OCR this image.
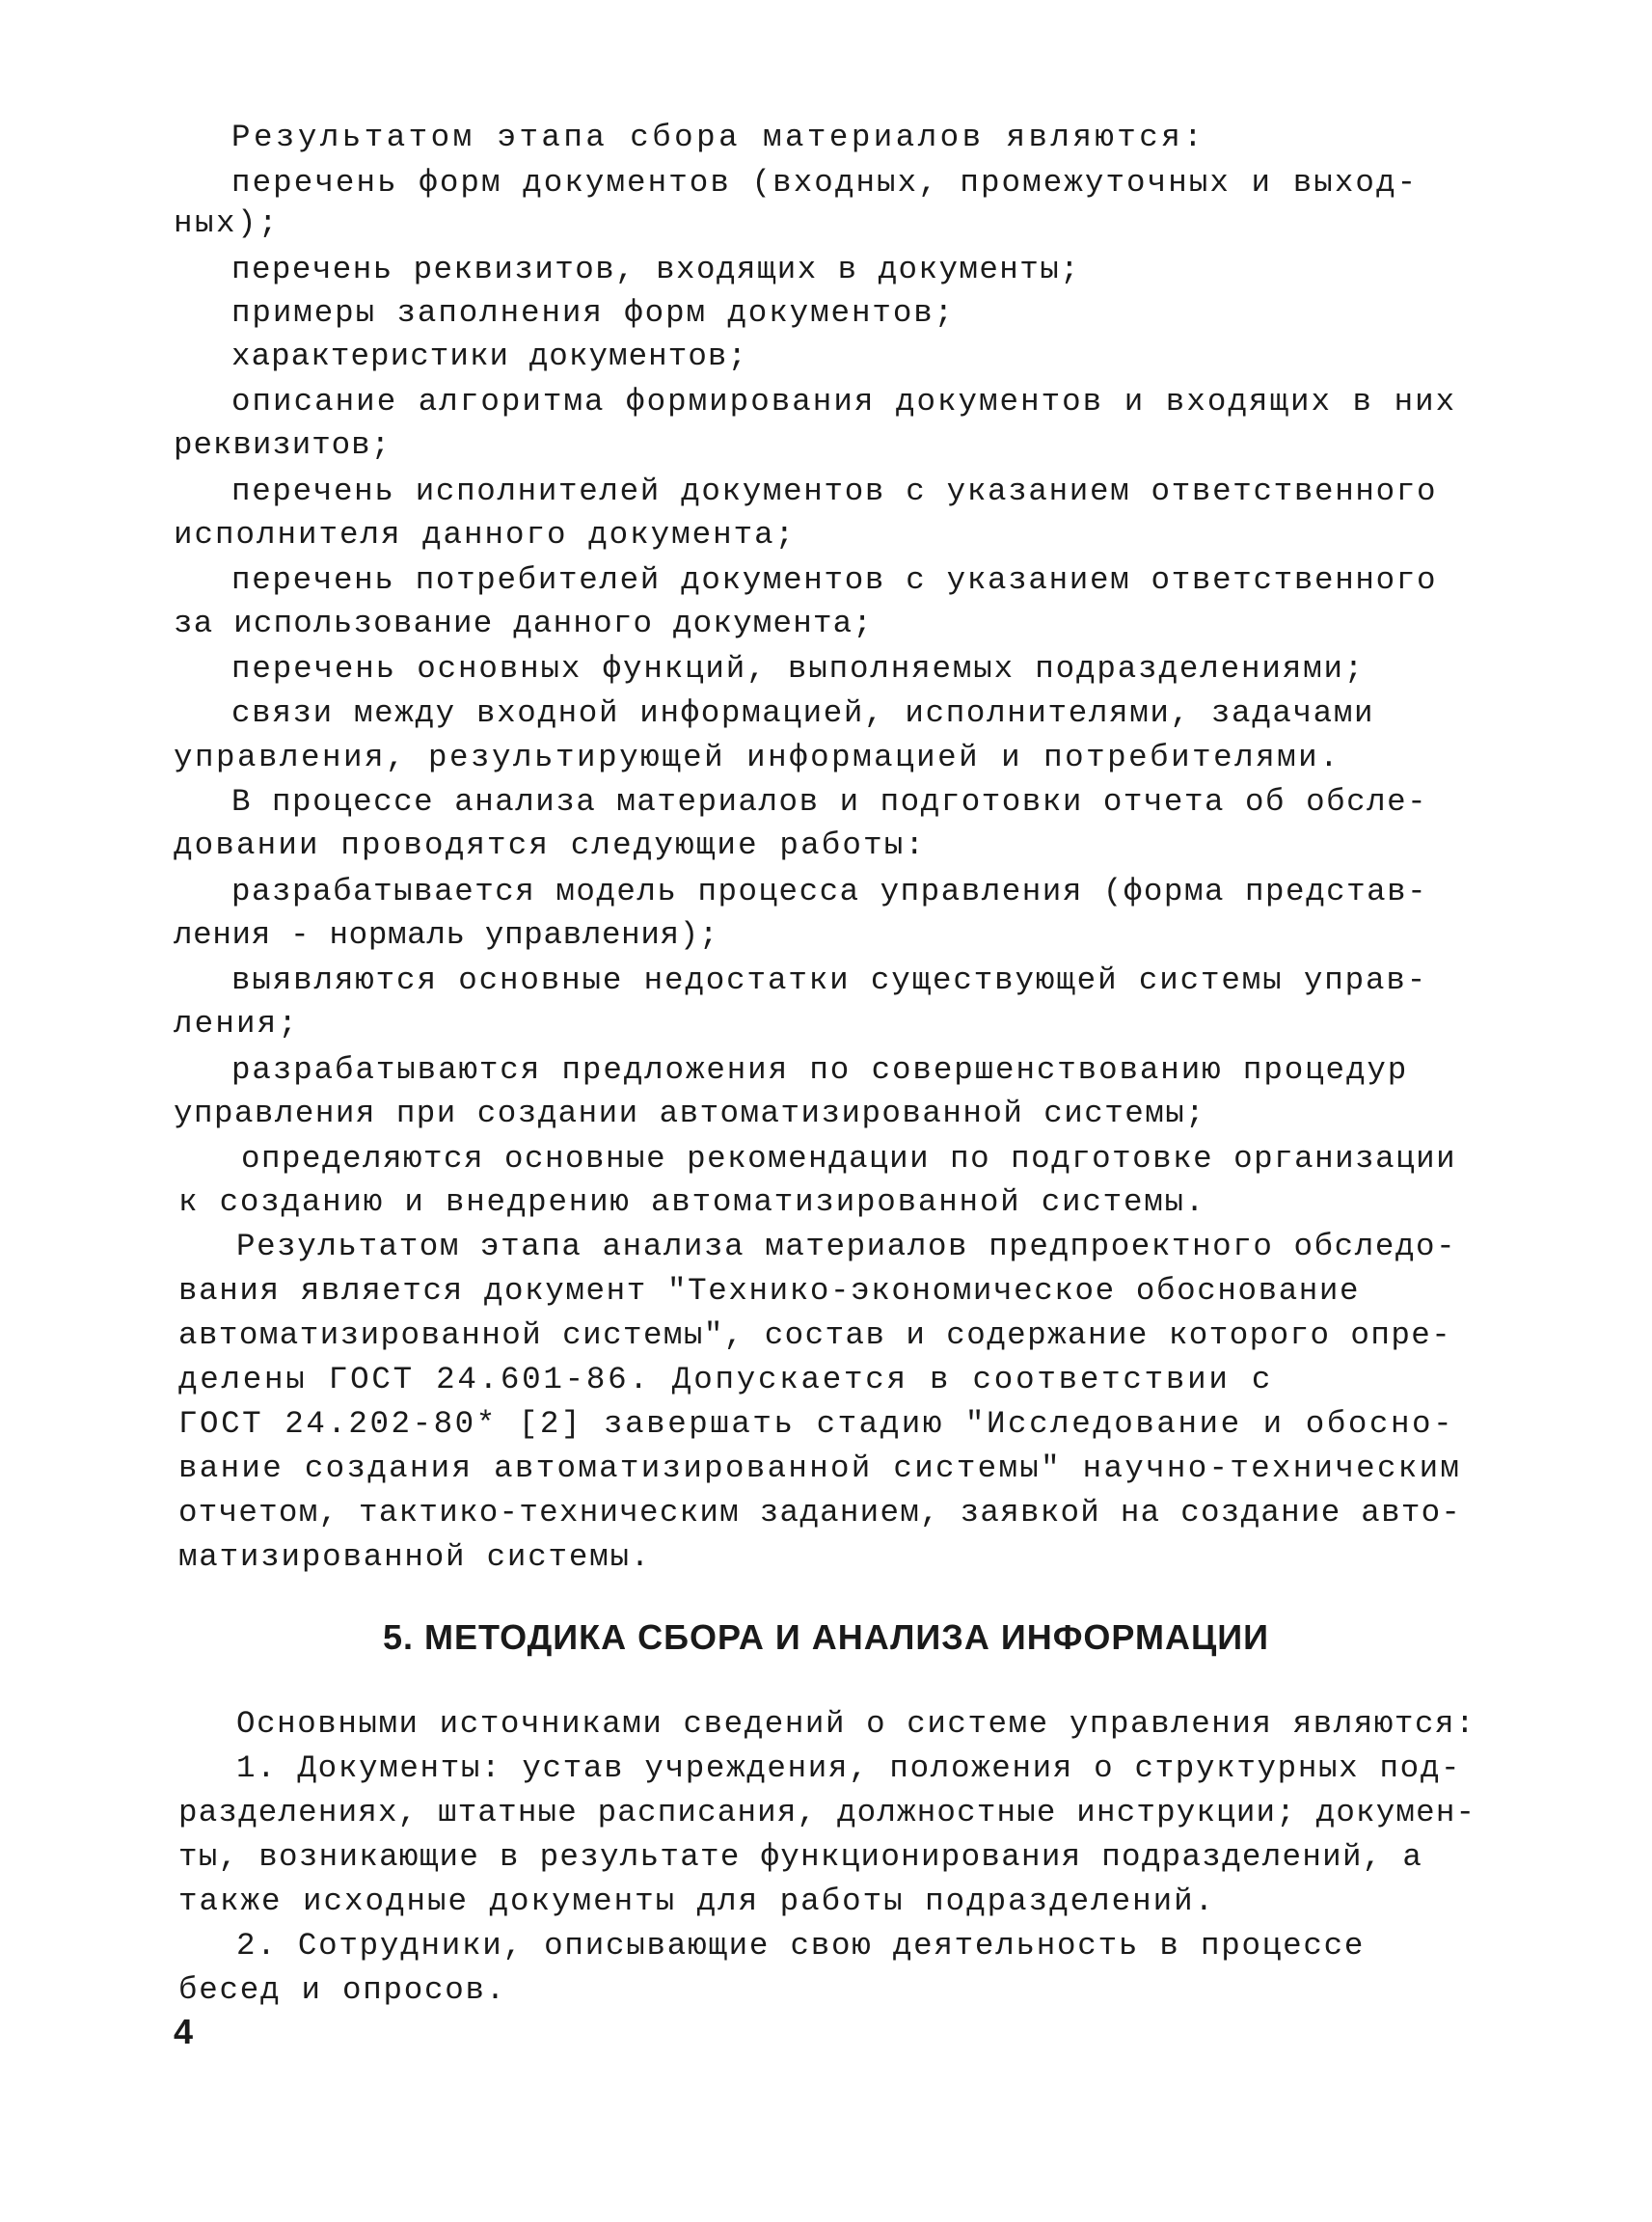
Результатом этапа сбора материалов являются:
перечень форм документов (входных, промежуточных и выход-
ных);
перечень реквизитов, входящих в документы;
примеры заполнения форм документов;
характеристики документов;
описание алгоритма формирования документов и входящих в них
реквизитов;
перечень исполнителей документов с указанием ответственного
исполнителя данного документа;
перечень потребителей документов с указанием ответственного
за использование данного документа;
перечень основных функций, выполняемых подразделениями;
связи между входной информацией, исполнителями, задачами
управления, результирующей информацией и потребителями.
В процессе анализа материалов и подготовки отчета об обсле-
довании проводятся следующие работы:
разрабатывается модель процесса управления (форма представ-
ления - нормаль управления);
выявляются основные недостатки существующей системы управ-
ления;
разрабатываются предложения по совершенствованию процедур
управления при создании автоматизированной системы;
определяются основные рекомендации по подготовке организации
к созданию и внедрению автоматизированной системы.
Результатом этапа анализа материалов предпроектного обследо-
вания является документ "Технико-экономическое обоснование
автоматизированной системы", состав и содержание которого опре-
делены ГОСТ 24.601-86. Допускается в соответствии с
ГОСТ 24.202-80* [2] завершать стадию "Исследование и обосно-
вание создания автоматизированной системы" научно-техническим
отчетом, тактико-техническим заданием, заявкой на создание авто-
матизированной системы.
5. МЕТОДИКА СБОРА И АНАЛИЗА ИНФОРМАЦИИ
Основными источниками сведений о системе управления являются:
1. Документы: устав учреждения, положения о структурных под-
разделениях, штатные расписания, должностные инструкции; докумен-
ты, возникающие в результате функционирования подразделений, а
также исходные документы для работы подразделений.
2. Сотрудники, описывающие свою деятельность в процессе
бесед и опросов.
4
